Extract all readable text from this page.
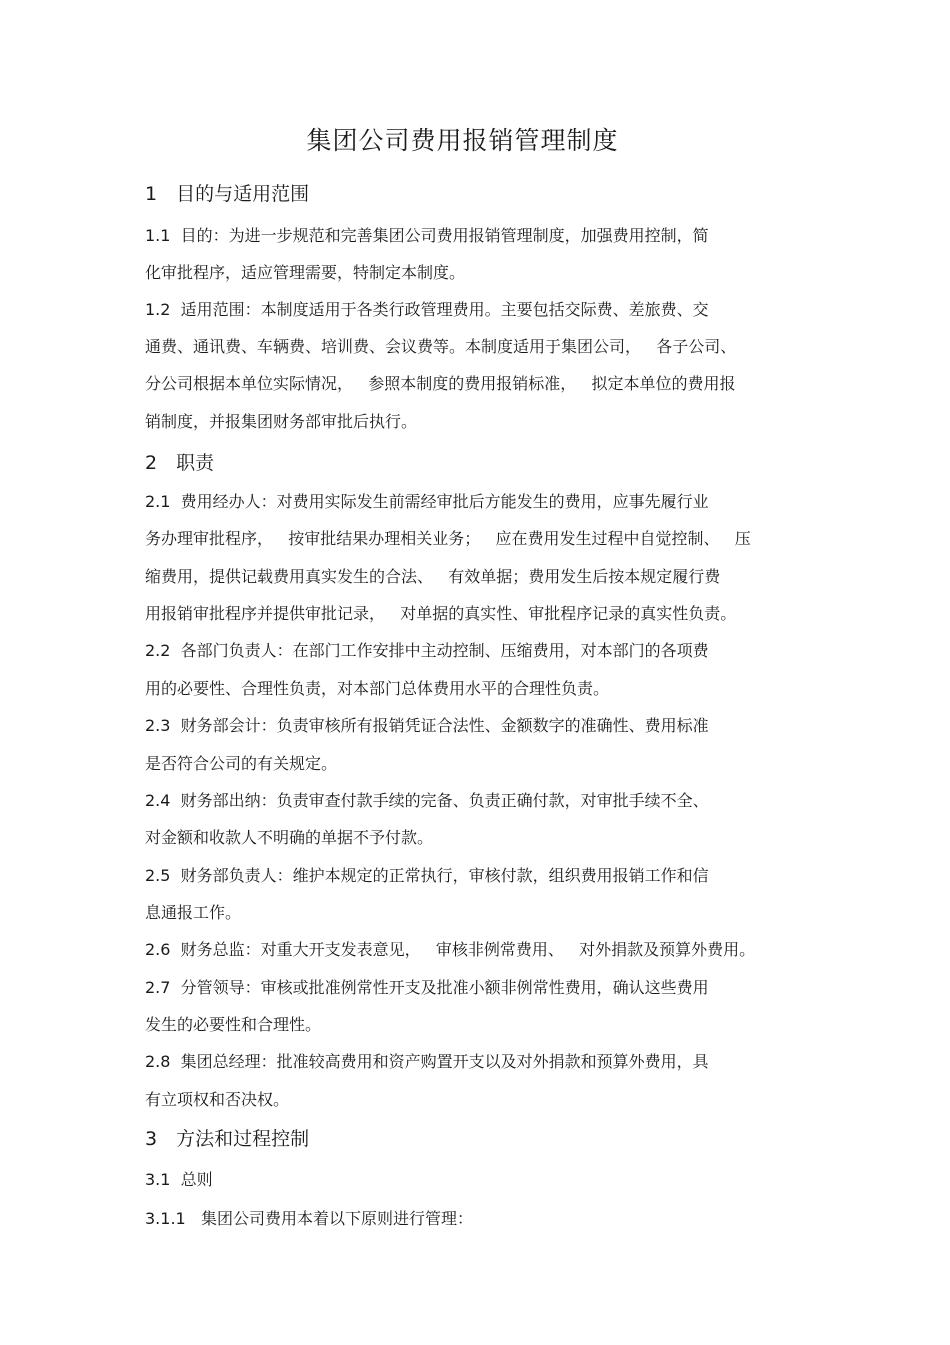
集团公司费用报销管理制度
1　目的与适用范围
1.1  目的：为进一步规范和完善集团公司费用报销管理制度，加强费用控制，简
化审批程序，适应管理需要，特制定本制度。
1.2  适用范围：本制度适用于各类行政管理费用。主要包括交际费、差旅费、交
通费、通讯费、车辆费、培训费、会议费等。本制度适用于集团公司，   各子公司、
分公司根据本单位实际情况，   参照本制度的费用报销标准，   拟定本单位的费用报
销制度，并报集团财务部审批后执行。
2　职责
2.1  费用经办人：对费用实际发生前需经审批后方能发生的费用，应事先履行业
务办理审批程序，   按审批结果办理相关业务；   应在费用发生过程中自觉控制、   压
缩费用，提供记载费用真实发生的合法、   有效单据；费用发生后按本规定履行费
用报销审批程序并提供审批记录，   对单据的真实性、审批程序记录的真实性负责。
2.2  各部门负责人：在部门工作安排中主动控制、压缩费用，对本部门的各项费
用的必要性、合理性负责，对本部门总体费用水平的合理性负责。
2.3  财务部会计：负责审核所有报销凭证合法性、金额数字的准确性、费用标准
是否符合公司的有关规定。
2.4  财务部出纳：负责审查付款手续的完备、负责正确付款，对审批手续不全、
对金额和收款人不明确的单据不予付款。
2.5  财务部负责人：维护本规定的正常执行，审核付款，组织费用报销工作和信
息通报工作。
2.6  财务总监：对重大开支发表意见，   审核非例常费用、   对外捐款及预算外费用。
2.7  分管领导：审核或批准例常性开支及批准小额非例常性费用，确认这些费用
发生的必要性和合理性。
2.8  集团总经理：批准较高费用和资产购置开支以及对外捐款和预算外费用，具
有立项权和否决权。
3　方法和过程控制
3.1  总则
3.1.1   集团公司费用本着以下原则进行管理：
